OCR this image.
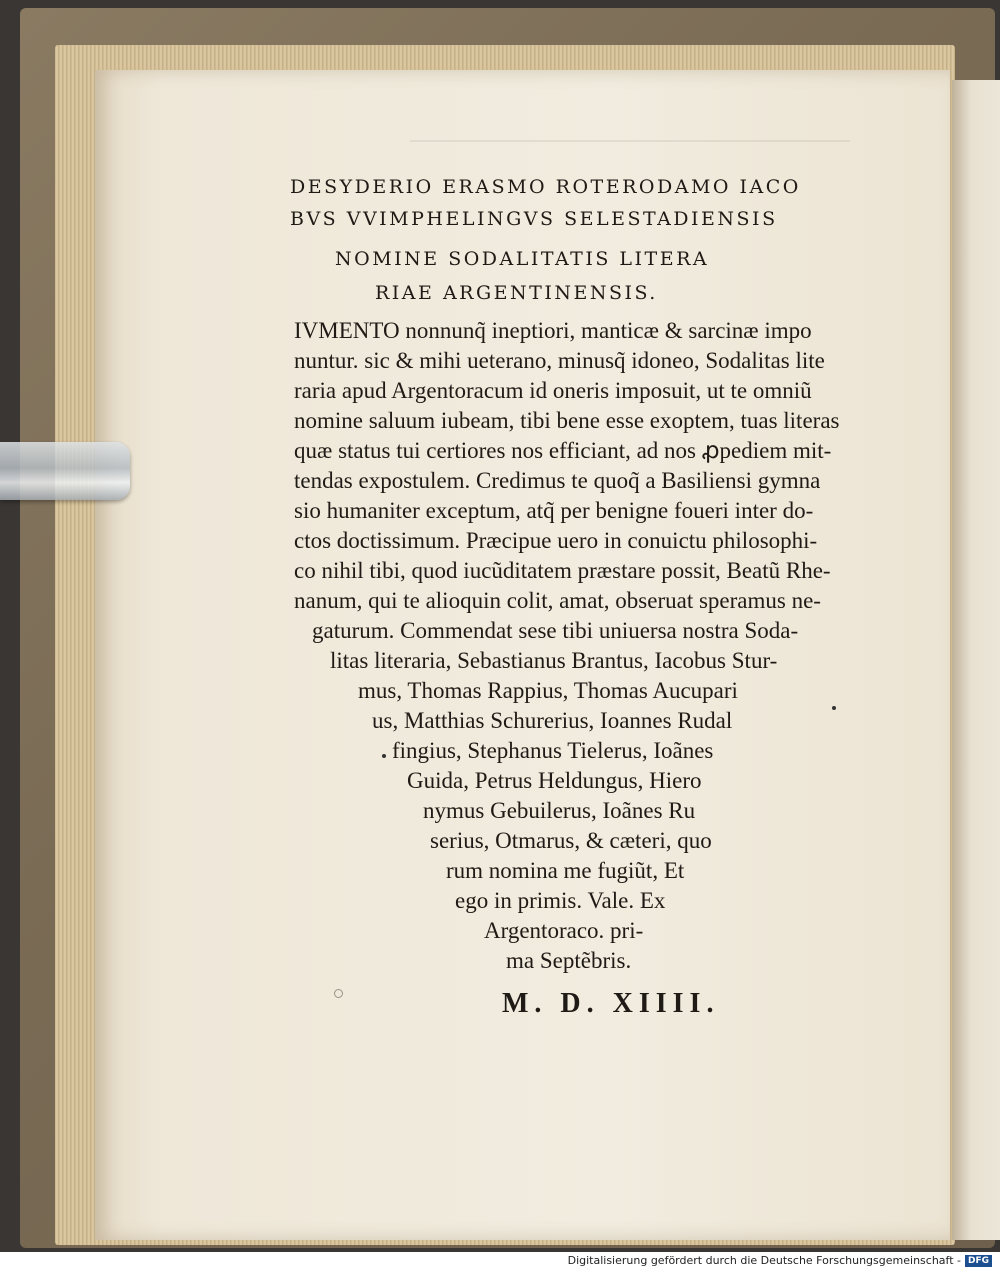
DESYDERIO ERASMO ROTERODAMO IACO
BVS VVIMPHELINGVS SELESTADIENSIS
NOMINE SODALITATIS LITERA
RIAE ARGENTINENSIS.
IVMENTO nonnunq̃ ineptiori, manticæ & sarcinæ impo
nuntur. sic & mihi ueterano, minusq̃ idoneo, Sodalitas lite
raria apud Argentoracum id oneris imposuit, ut te omniũ
nomine saluum iubeam, tibi bene esse exoptem, tuas literas
quæ status tui certiores nos efficiant, ad nos ꝓpediem mit-
tendas expostulem. Credimus te quoq̃ a Basiliensi gymna
sio humaniter exceptum, atq̃ per benigne foueri inter do-
ctos doctissimum. Præcipue uero in conuictu philosophi-
co nihil tibi, quod iucũditatem præstare possit, Beatũ Rhe-
nanum, qui te alioquin colit, amat, obseruat speramus ne-
gaturum. Commendat sese tibi uniuersa nostra Soda-
litas literaria, Sebastianus Brantus, Iacobus Stur-
mus, Thomas Rappius, Thomas Aucupari
us, Matthias Schurerius, Ioannes Rudal
fingius, Stephanus Tielerus, Ioãnes
Guida, Petrus Heldungus, Hiero
nymus Gebuilerus, Ioãnes Ru
serius, Otmarus, & cæteri, quo
rum nomina me fugiũt, Et
ego in primis. Vale. Ex
Argentoraco. pri-
ma Septẽbris.
M. D. XIIII.
Digitalisierung gefördert durch die Deutsche Forschungsgemeinschaft - DFG
